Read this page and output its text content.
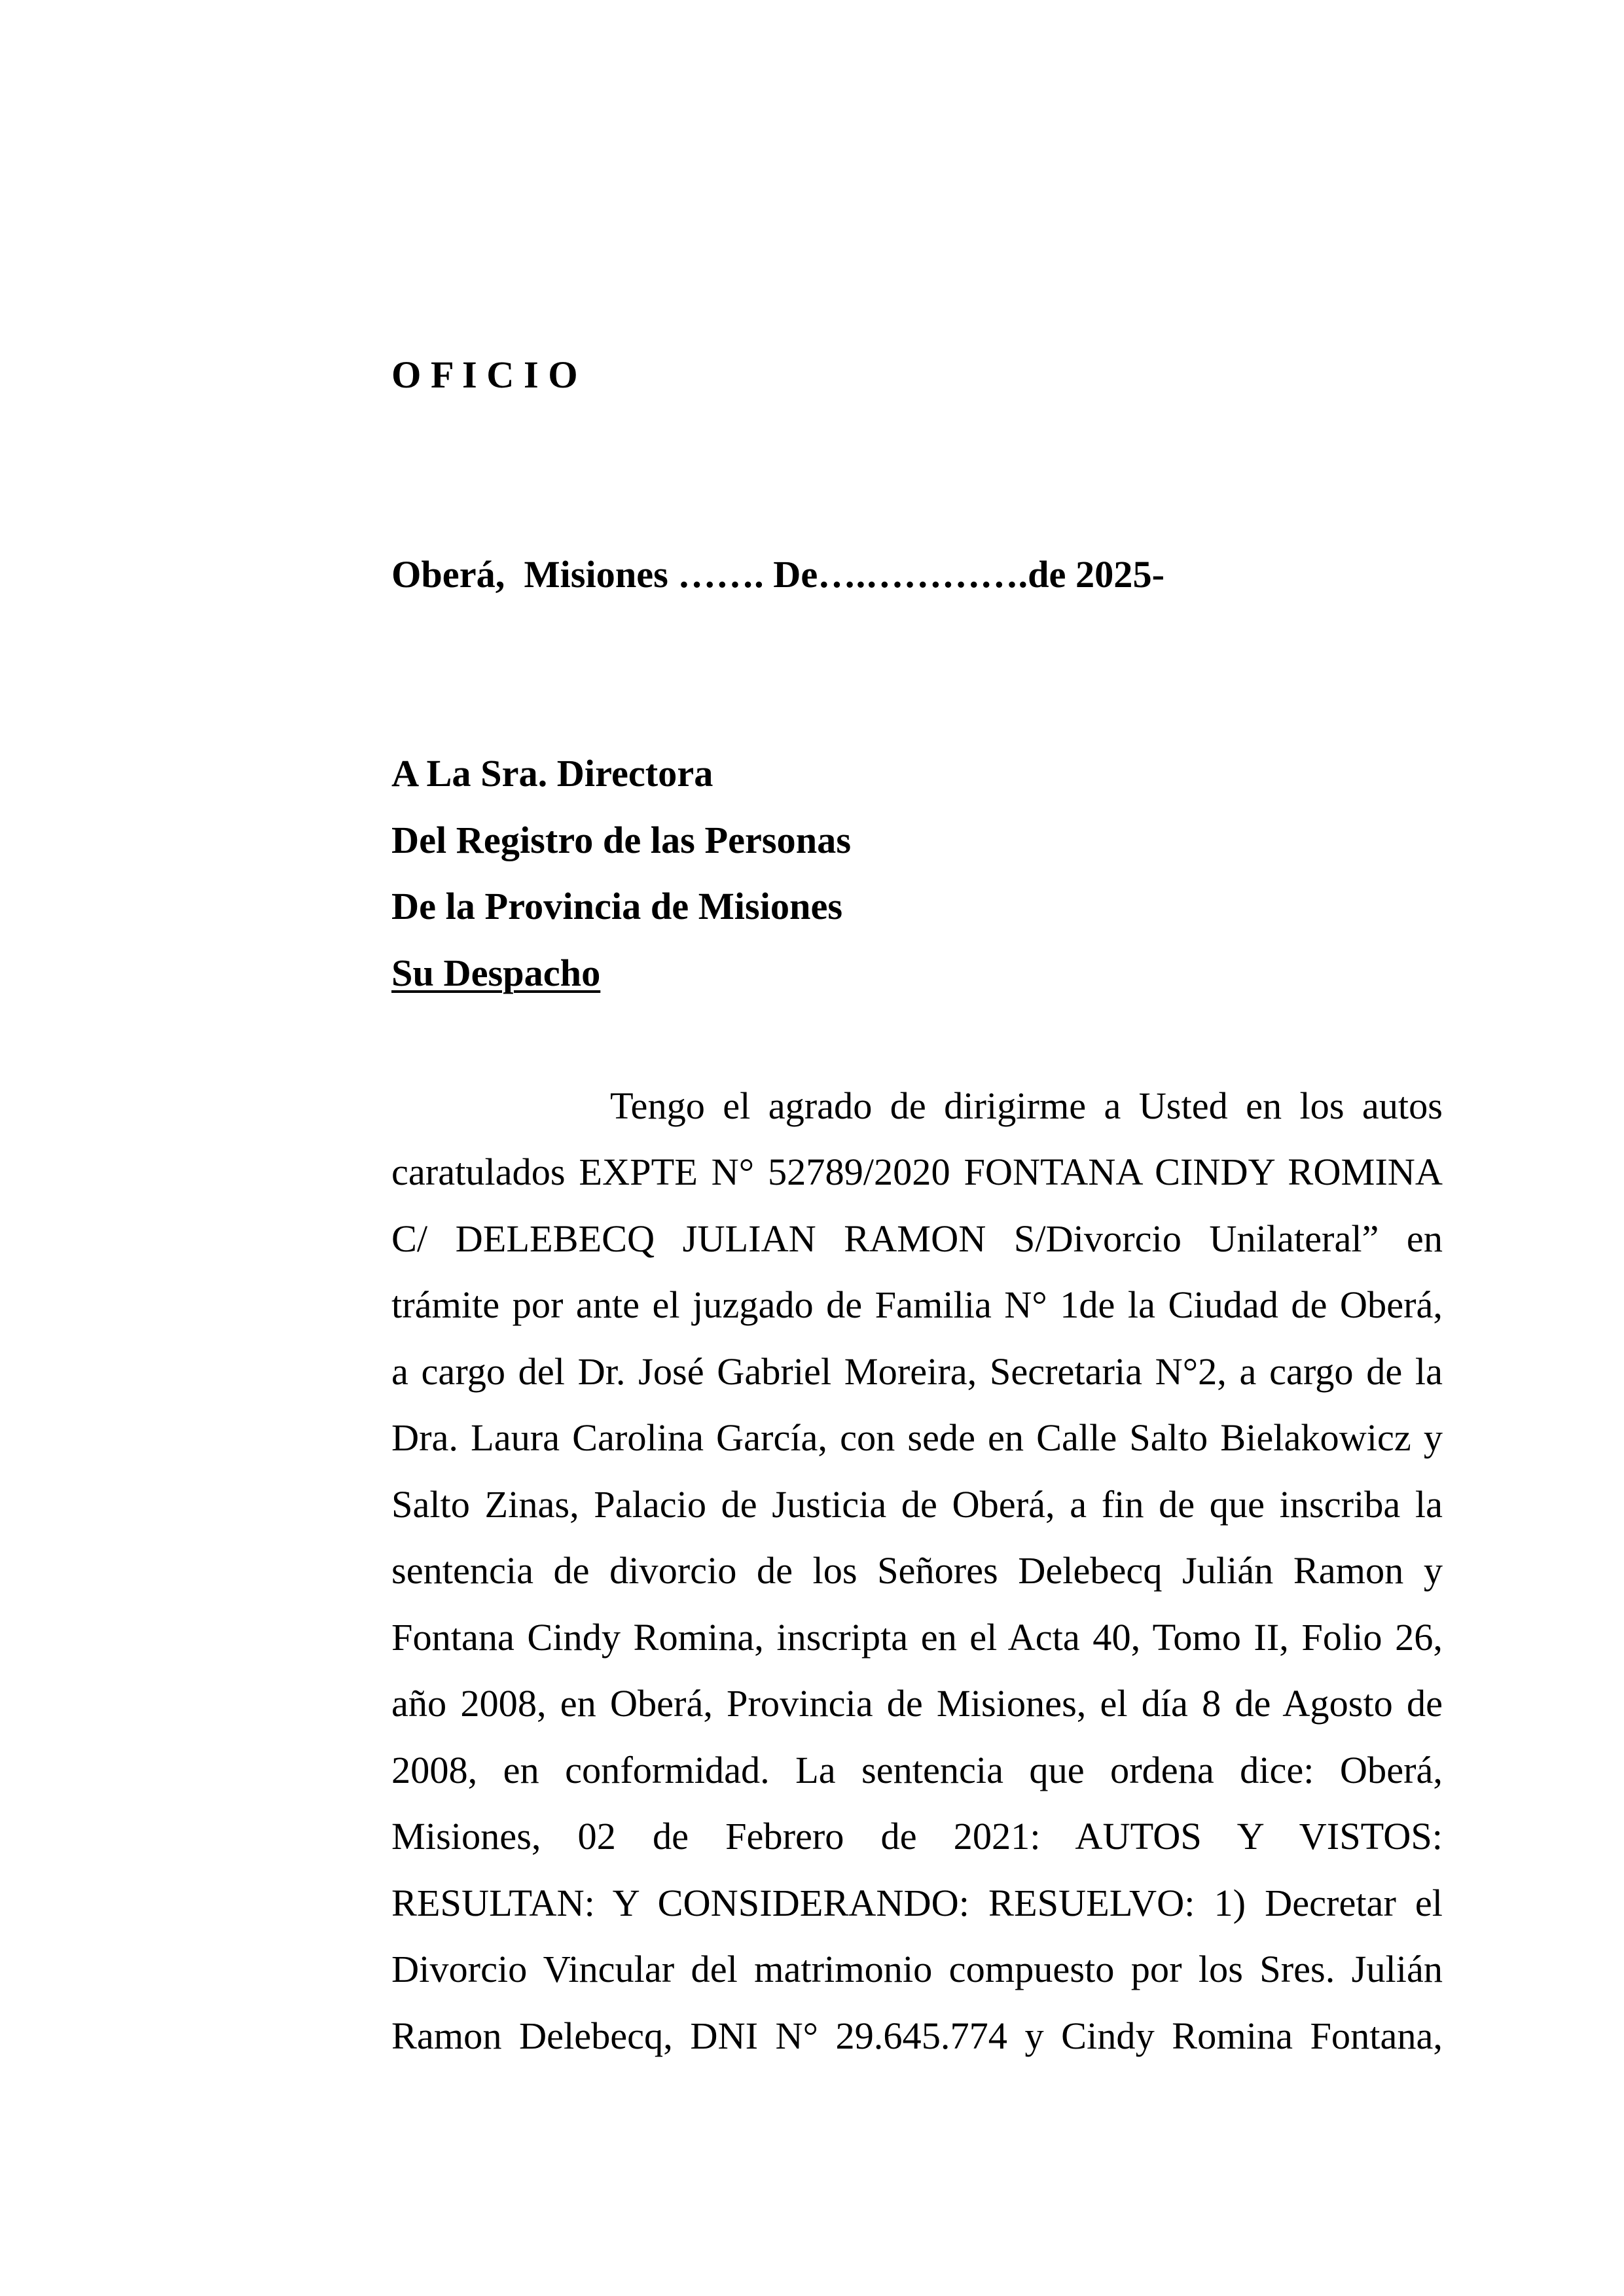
O F I C I O
Oberá,  Misiones ……. De….………….de 2025-
A La Sra. Directora
Del Registro de las Personas
De la Provincia de Misiones
Su Despacho
Tengo el agrado de dirigirme a Usted en los autos
caratulados EXPTE N° 52789/2020 FONTANA CINDY ROMINA
C/ DELEBECQ JULIAN RAMON S/Divorcio Unilateral” en
trámite por ante el juzgado de Familia N° 1de la Ciudad de Oberá,
a cargo del Dr. José Gabriel Moreira, Secretaria N°2, a cargo de la
Dra. Laura Carolina García, con sede en Calle Salto Bielakowicz y
Salto Zinas, Palacio de Justicia de Oberá, a fin de que inscriba la
sentencia de divorcio de los Señores Delebecq Julián Ramon y
Fontana Cindy Romina, inscripta en el Acta 40, Tomo II, Folio 26,
año 2008, en Oberá, Provincia de Misiones, el día 8 de Agosto de
2008, en conformidad. La sentencia que ordena dice: Oberá,
Misiones, 02 de Febrero de 2021: AUTOS Y VISTOS:
RESULTAN: Y CONSIDERANDO: RESUELVO: 1) Decretar el
Divorcio Vincular del matrimonio compuesto por los Sres. Julián
Ramon Delebecq, DNI N° 29.645.774 y Cindy Romina Fontana,
